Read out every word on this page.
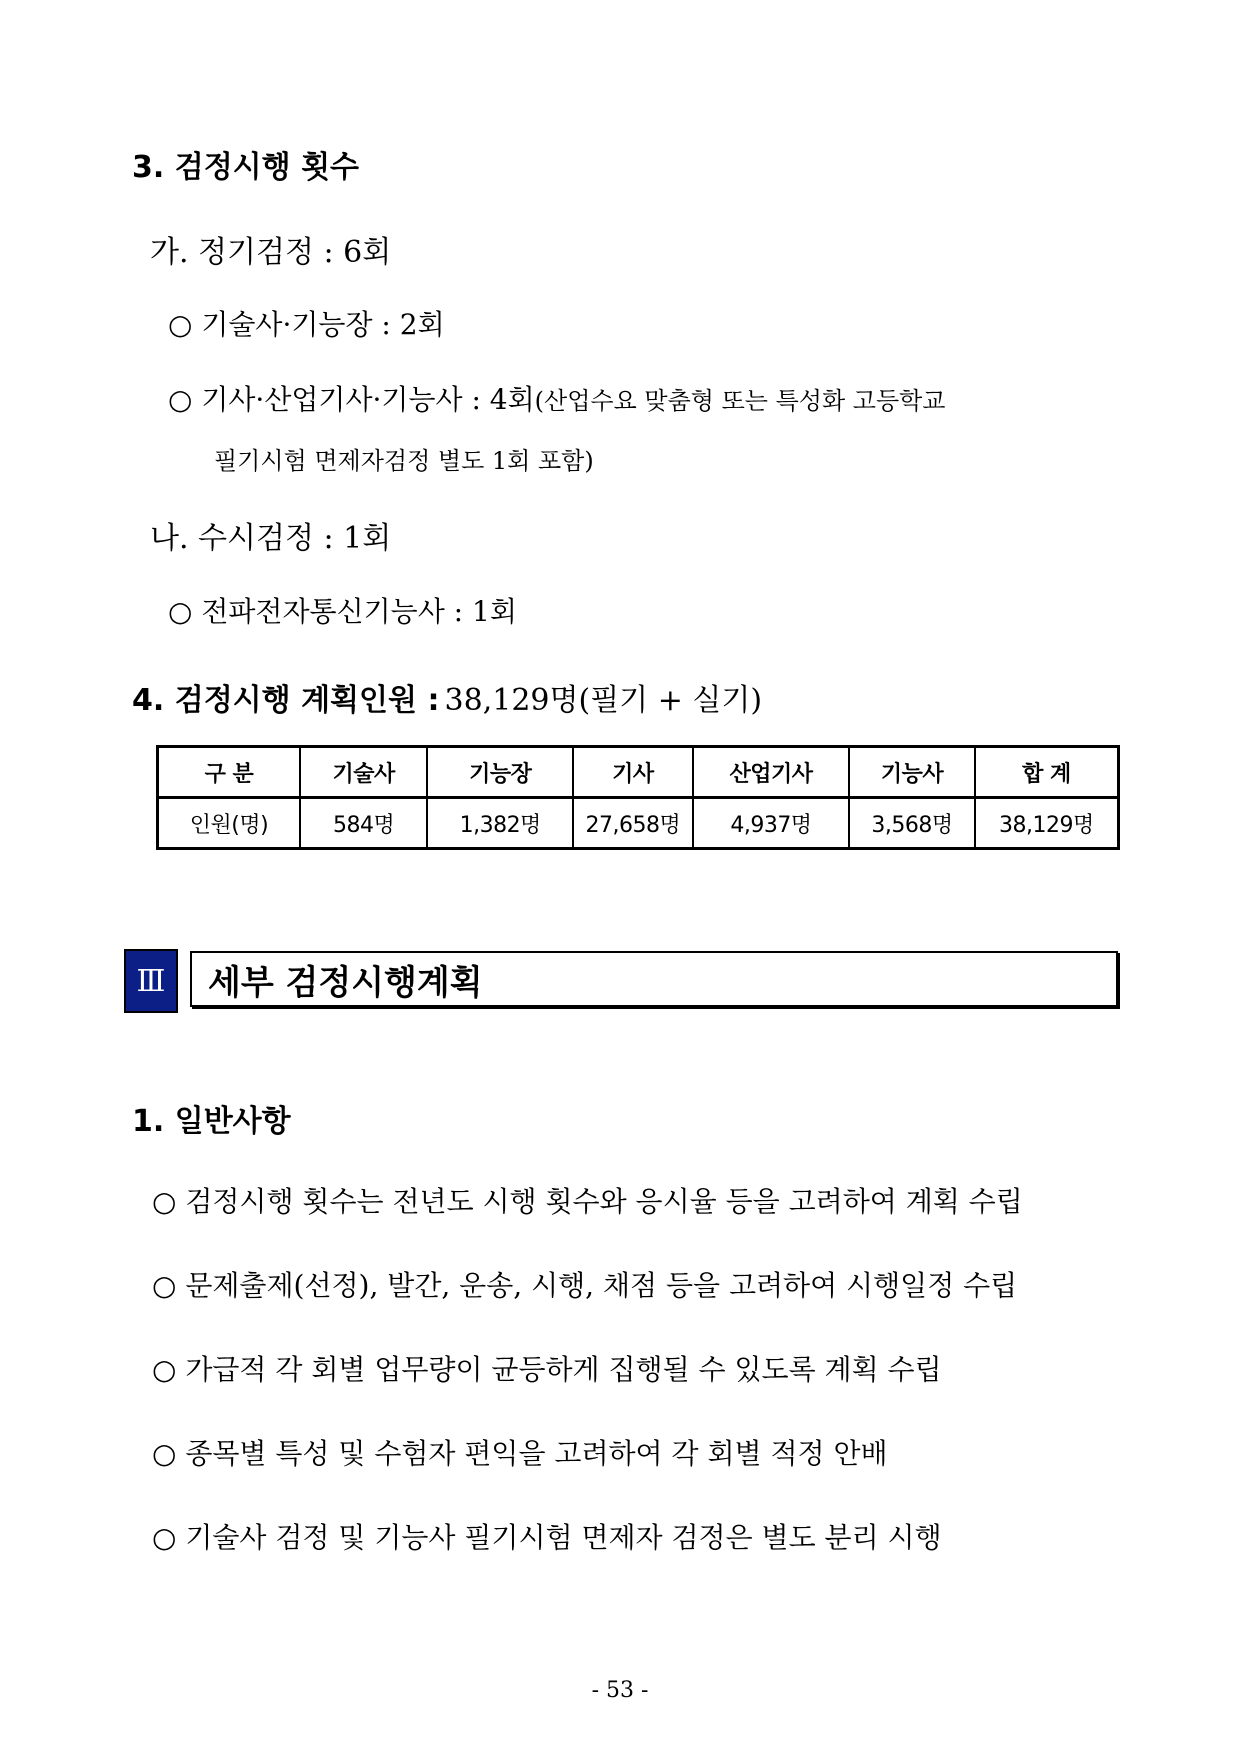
3. 검정시행 횟수
가. 정기검정 : 6회
○ 기술사·기능장 : 2회
○ 기사·산업기사·기능사 : 4회(산업수요 맞춤형 또는 특성화 고등학교
필기시험 면제자검정 별도 1회 포함)
나. 수시검정 : 1회
○ 전파전자통신기능사 : 1회
4. 검정시행 계획인원 : 38,129명(필기 + 실기)
구 분	기술사	기능장	기사	산업기사	기능사	합 계
인원(명)	584명	1,382명	27,658명	4,937명	3,568명	38,129명
Ⅲ	세부 검정시행계획
1. 일반사항
○ 검정시행 횟수는 전년도 시행 횟수와 응시율 등을 고려하여 계획 수립
○ 문제출제(선정), 발간, 운송, 시행, 채점 등을 고려하여 시행일정 수립
○ 가급적 각 회별 업무량이 균등하게 집행될 수 있도록 계획 수립
○ 종목별 특성 및 수험자 편익을 고려하여 각 회별 적정 안배
○ 기술사 검정 및 기능사 필기시험 면제자 검정은 별도 분리 시행
- 53 -
